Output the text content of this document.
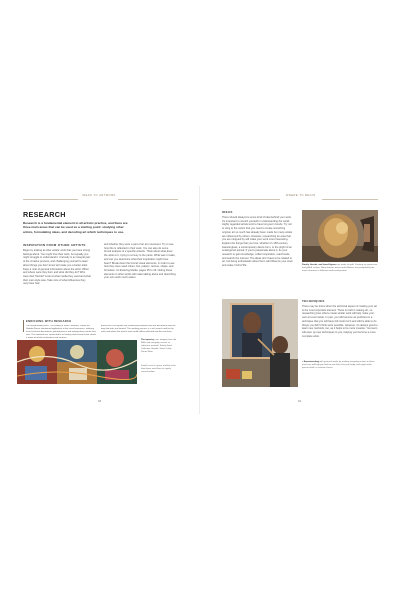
IDEAS TO ARTWORK
RESEARCH
Research is a fundamental element in all artistic practice, and there are three main areas that can be used as a starting point: studying other artists, formulating ideas, and decoding art which techniques to use.
INSPIRATION FROM OTHER ARTISTS
Begin by looking at other artists' work that you have strong feelings about. You might love their work, but equally you might struggle to understand it. Curiosity is an integral part of the creative process, and challenging yourself to learn about things you don't know will make you a better artist. Keep a note of general information about the artist. When and where were they born and what did they do? Who were their friends? Look at what media they used and what their main style was. Take note of what influences they may have had
and whether they were a part of an art movement. Try to see how this is reflected in their work. You can also do some formal analysis of a specific artwork. Think about what drew the artist to it, trying to convey to the piece. What was it made, and can you determine what their inspiration might have been? Break down the formal visual elements, in order to see how they were used colour, line, pattern, texture, shape, and formation. An Evolving Media, pages 35 to 43. Noting these elements in other works will make talking about and describing your own work much easier.
ENRICHING WITH RESEARCH
The mixed-media piece, The Family of Saint Catherine, shows the Gaudet-Penas intertwined applied-art in the visual resources, referring to art historical documents, painted pieces and making these works their own. The materials are connected to art history and research that shows a range of artistic techniques and sources.
processes in to explore the relationship between text and documents and the way that texts are formed. This working process is a rich search and for the artist and where the artist's work could still be reflected and the new form.
The tapestry uses imagery from the Bible and everyday scenes as reference material. Family Saint Catherine Gaudet, Sister Cathy Penas Fiber
Details such as space and the artist have been used here to signify sacred realms.
18
WHERE TO BEGIN
IDEAS
There should always be some kind of idea behind your work. It's important to stretch yourself in understanding the world. Highly regarded artists tend to have long-term bonds. Try not to cling to the notion that you need to create something original, art so much has already been made but many artists are influenced by others. However, researching an area that you are intrigued by will make your work more interesting. Explore the things that you love, whether it's 15th-century stained-glass, a contemporary dance form, or the plight of an endangered animal. If you're passionate about it, do your research to gain knowledge, collect inspiration, read books, and search the internet. The ideas don't have to be related to art, but being enthusiastic about them will influence your work and make it full of life.	Family, friends, and loved figures are made of gold. Creating an expressive and gilded surface. Many famous artists and followers are prompted by the same character in different media and periods.
TECHNIQUES
There may be times when the technical aspect of making your art is the most important element. There is craft in making art, so researching how others create similar work will help make your own art even better. In part, you will become as proficient in a technique that you will have full control of it and will be able to do things you didn't think were possible. However, it's always good to learn new methods, too, as it helps to be more creative. You learn will open up new techniques to you, helping you become a more complete artist.
▸ Experimenting with gestural marks by making sweeping actions in these exercises will help you find the mix that suits your body, and might make person artist's a creative choice.
19
